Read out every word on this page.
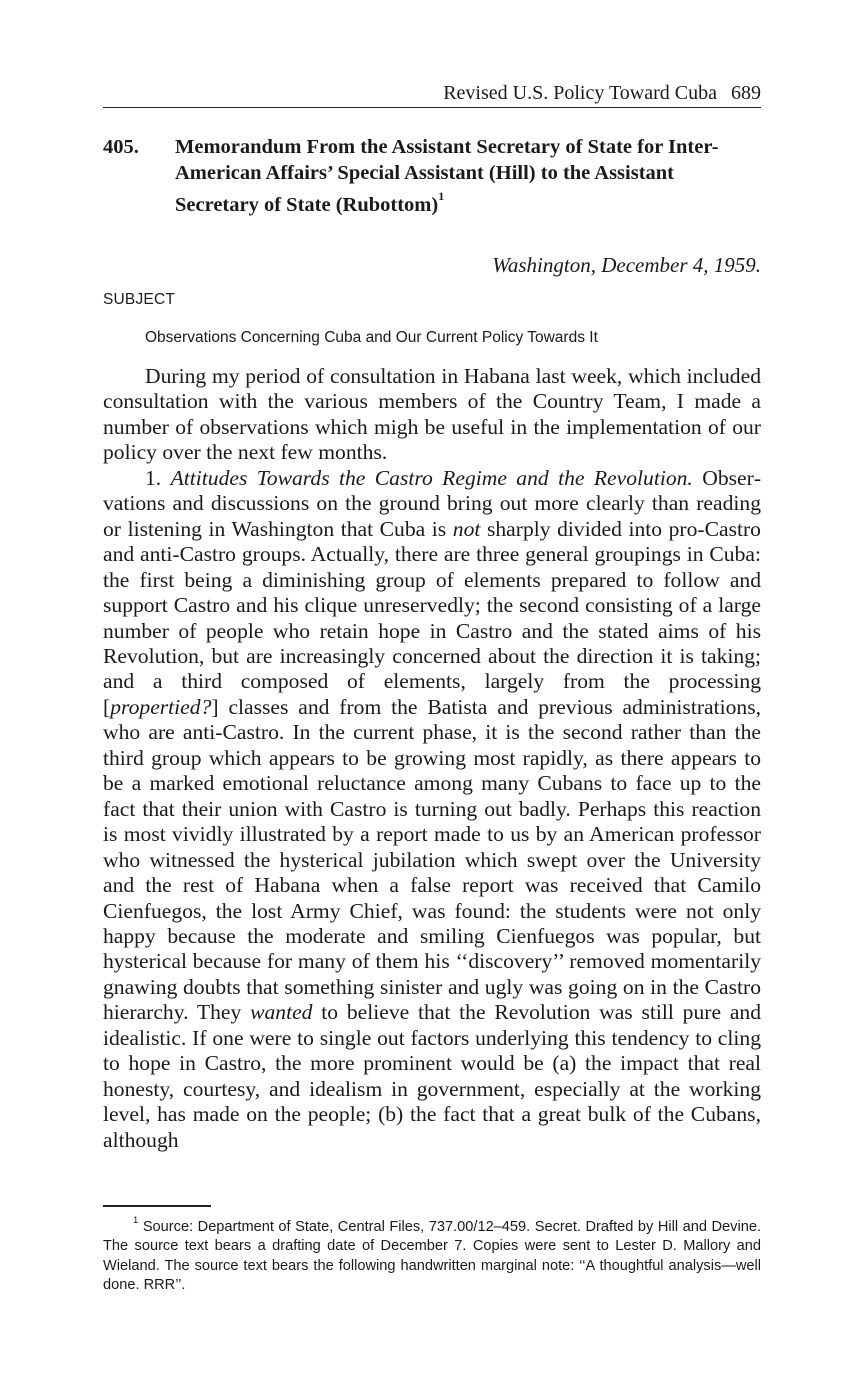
Revised U.S. Policy Toward Cuba 689
405.	Memorandum From the Assistant Secretary of State for Inter-American Affairs’ Special Assistant (Hill) to the Assistant Secretary of State (Rubottom)$^1$
Washington, December 4, 1959.
SUBJECT
Observations Concerning Cuba and Our Current Policy Towards It

During my period of consultation in Habana last week, which included consultation with the various members of the Country Team, I made a number of observations which migh be useful in the implementation of our policy over the next few months.

1. Attitudes Towards the Castro Regime and the Revolution. Observations and discussions on the ground bring out more clearly than reading or listening in Washington that Cuba is not sharply divided into pro-Castro and anti-Castro groups. Actually, there are three general groupings in Cuba: the first being a diminishing group of elements prepared to follow and support Castro and his clique unreservedly; the second consisting of a large number of people who retain hope in Castro and the stated aims of his Revolution, but are increasingly concerned about the direction it is taking; and a third composed of elements, largely from the processing [propertied?] classes and from the Batista and previous administrations, who are anti-Castro. In the current phase, it is the second rather than the third group which appears to be growing most rapidly, as there appears to be a marked emotional reluctance among many Cubans to face up to the fact that their union with Castro is turning out badly. Perhaps this reaction is most vividly illustrated by a report made to us by an American professor who witnessed the hysterical jubilation which swept over the University and the rest of Habana when a false report was received that Camilo Cienfuegos, the lost Army Chief, was found: the students were not only happy because the moderate and smiling Cienfuegos was popular, but hysterical because for many of them his ‘‘discovery’’ removed momentarily gnawing doubts that something sinister and ugly was going on in the Castro hierarchy. They wanted to believe that the Revolution was still pure and idealistic. If one were to single out factors underlying this tendency to cling to hope in Castro, the more prominent would be (a) the impact that real honesty, courtesy, and idealism in government, especially at the working level, has made on the people; (b) the fact that a great bulk of the Cubans, although

$^1$ Source: Department of State, Central Files, 737.00/12–459. Secret. Drafted by Hill and Devine. The source text bears a drafting date of December 7. Copies were sent to Lester D. Mallory and Wieland. The source text bears the following handwritten marginal note: ‘‘A thoughtful analysis—well done. RRR’’.
